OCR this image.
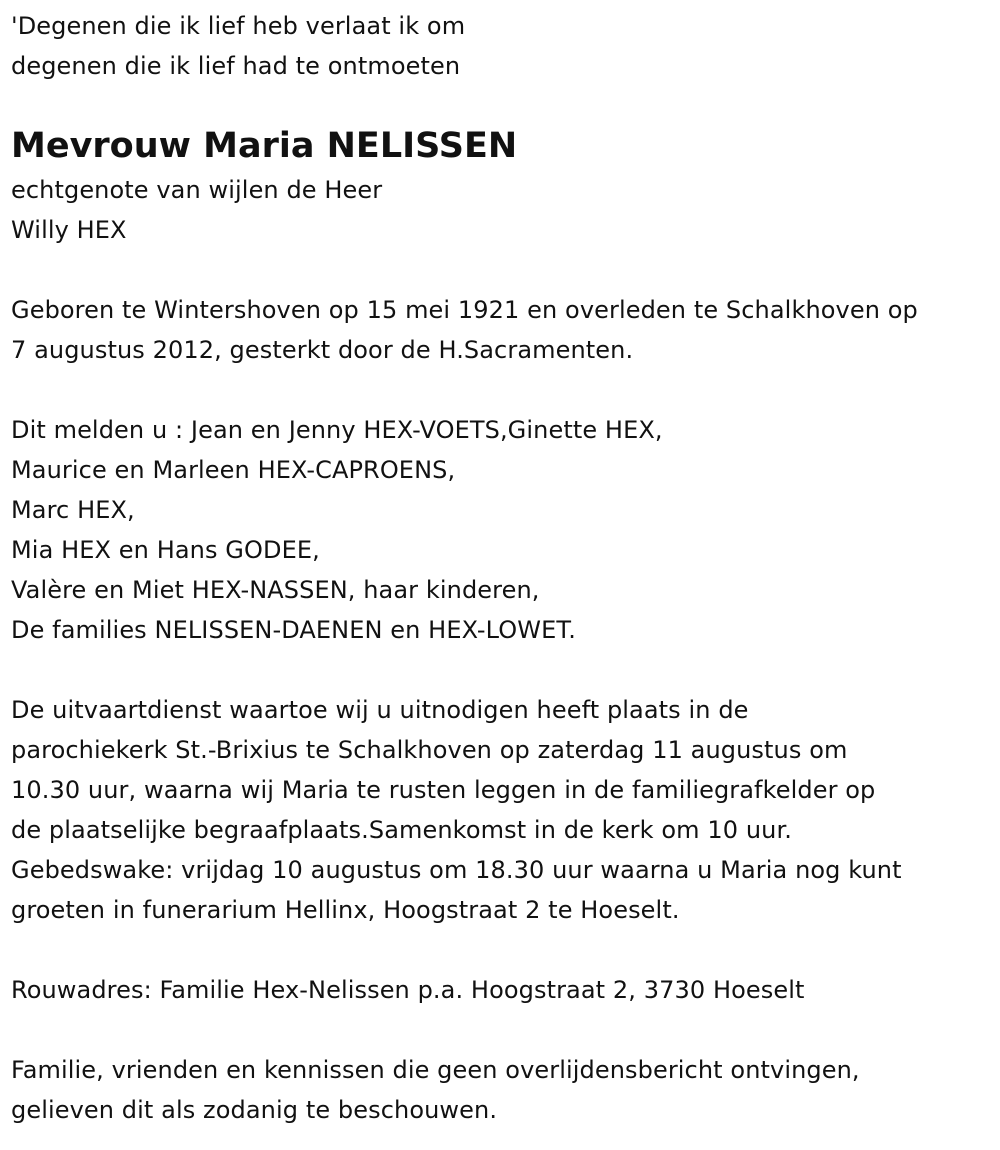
'Degenen die ik lief heb verlaat ik om
degenen die ik lief had te ontmoeten
Mevrouw Maria NELISSEN
echtgenote van wijlen de Heer
Willy HEX
Geboren te Wintershoven op 15 mei 1921 en overleden te Schalkhoven op
7 augustus 2012, gesterkt door de H.Sacramenten.
Dit melden u : Jean en Jenny HEX-VOETS,Ginette HEX,
Maurice en Marleen HEX-CAPROENS,
Marc HEX,
Mia HEX en Hans GODEE,
Valère en Miet HEX-NASSEN, haar kinderen,
De families NELISSEN-DAENEN en HEX-LOWET.
De uitvaartdienst waartoe wij u uitnodigen heeft plaats in de
parochiekerk St.-Brixius te Schalkhoven op zaterdag 11 augustus om
10.30 uur, waarna wij Maria te rusten leggen in de familiegrafkelder op
de plaatselijke begraafplaats.Samenkomst in de kerk om 10 uur.
Gebedswake: vrijdag 10 augustus om 18.30 uur waarna u Maria nog kunt
groeten in funerarium Hellinx, Hoogstraat 2 te Hoeselt.
Rouwadres: Familie Hex-Nelissen p.a. Hoogstraat 2, 3730 Hoeselt
Familie, vrienden en kennissen die geen overlijdensbericht ontvingen,
gelieven dit als zodanig te beschouwen.
